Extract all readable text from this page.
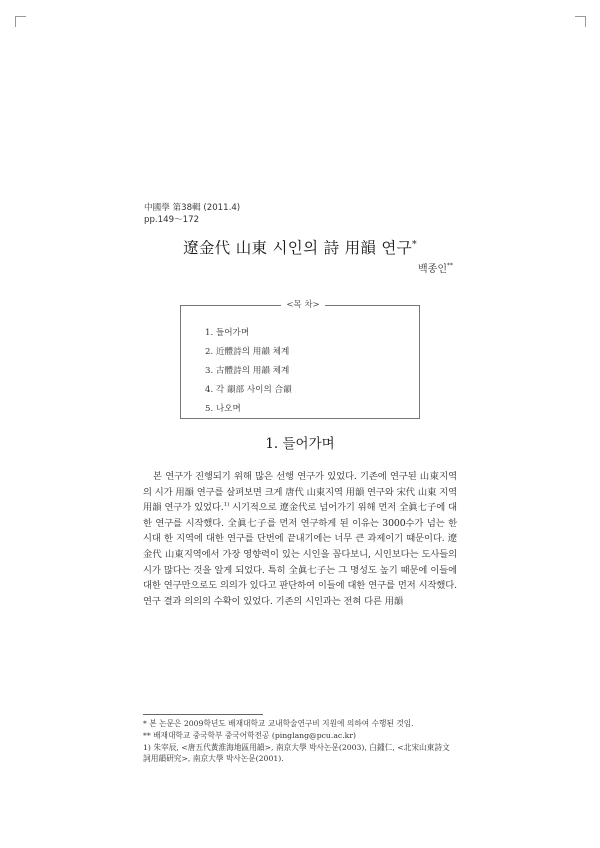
中國學 第38輯 (2011.4)
pp.149～172
遼金代 山東 시인의 詩 用韻 연구*
백종인**
<목 차>
1. 들어가며
2. 近體詩의 用韻 체계
3. 古體詩의 用韻 체계
4. 각 韻部 사이의 合韻
5. 나오며
1. 들어가며

본 연구가 진행되기 위해 많은 선행 연구가 있었다. 기존에 연구된 山東지역의 시가 用韻 연구를 살펴보면 크게 唐代 山東지역 用韻 연구와 宋代 山東 지역 用韻 연구가 있었다.$^{1)}$ 시기적으로 遼金代로 넘어가기 위해 먼저 全眞七子에 대한 연구를 시작했다. 全眞七子를 먼저 연구하게 된 이유는 3000수가 넘는 한 시대 한 지역에 대한 연구를 단번에 끝내기에는 너무 큰 과제이기 때문이다. 遼金代 山東지역에서 가장 영향력이 있는 시인을 꼽다보니, 시인보다는 도사들의 시가 많다는 것을 알게 되었다. 특히 全眞七子는 그 명성도 높기 때문에 이들에 대한 연구만으로도 의의가 있다고 판단하여 이들에 대한 연구를 먼저 시작했다. 연구 결과 의의의 수확이 있었다. 기존의 시인과는 전혀 다른 用韻

* 본 논문은 2009학년도 배재대학교 교내학술연구비 지원에 의하여 수행된 것임.
** 배재대학교 중국학부 중국어학전공 (pinglang@pcu.ac.kr)
1) 朱宰辰, <唐五代黃淮海地區用韻>, 南京大學 박사논문(2003), 白鍾仁, <北宋山東詩文詞用韻研究>, 南京大學 박사논문(2001).
